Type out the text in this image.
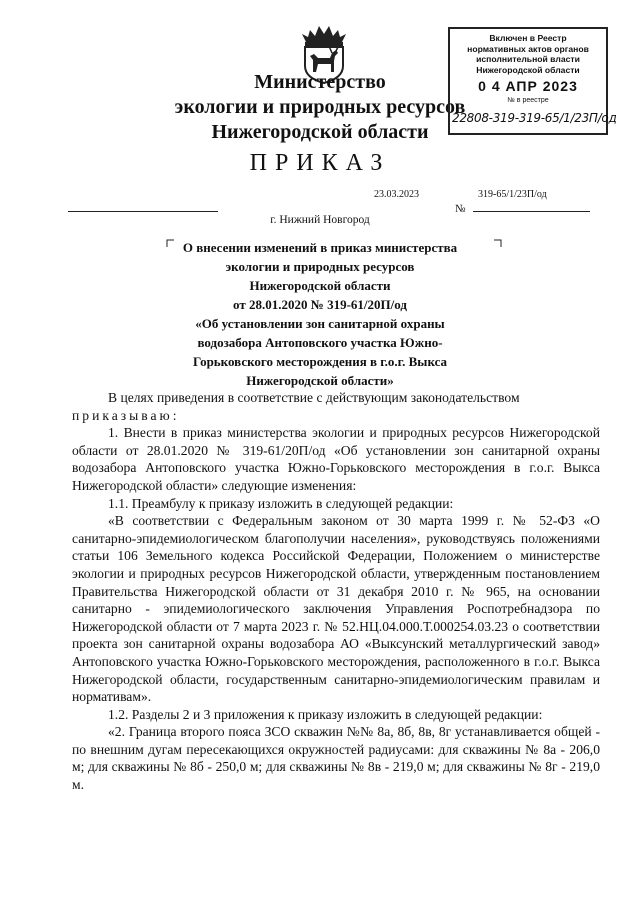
Министерство
экологии и природных ресурсов
Нижегородской области
Включен в Реестр
нормативных актов органов
исполнительной власти
Нижегородской области
0 4 АПР 2023
№ в реестре
22808-319-319-65/1/23П/од
ПРИКАЗ
23.03.2023	319-65/1/23П/од
№
г. Нижний Новгород
О внесении изменений в приказ министерства
экологии и природных ресурсов
Нижегородской области
от 28.01.2020 № 319-61/20П/од
«Об установлении зон санитарной охраны
водозабора Антоповского участка Южно-
Горьковского месторождения в г.о.г. Выкса
Нижегородской области»

В целях приведения в соответствие с действующим законодательством

приказываю:

1. Внести в приказ министерства экологии и природных ресурсов Нижегородской области от 28.01.2020 № 319-61/20П/од «Об установлении зон санитарной охраны водозабора Антоповского участка Южно-Горьковского месторождения в г.о.г. Выкса Нижегородской области» следующие изменения:

1.1. Преамбулу к приказу изложить в следующей редакции:

«В соответствии с Федеральным законом от 30 марта 1999 г. № 52-ФЗ «О санитарно-эпидемиологическом благополучии населения», руководствуясь положениями статьи 106 Земельного кодекса Российской Федерации, Положением о министерстве экологии и природных ресурсов Нижегородской области, утвержденным постановлением Правительства Нижегородской области от 31 декабря 2010 г. № 965, на основании санитарно - эпидемиологического заключения Управления Роспотребнадзора по Нижегородской области от 7 марта 2023 г. № 52.НЦ.04.000.Т.000254.03.23 о соответствии проекта зон санитарной охраны водозабора АО «Выксунский металлургический завод» Антоповского участка Южно-Горьковского месторождения, расположенного в г.о.г. Выкса Нижегородской области, государственным санитарно-эпидемиологическим правилам и нормативам».

1.2. Разделы 2 и 3 приложения к приказу изложить в следующей редакции:

«2. Граница второго пояса ЗСО скважин №№ 8а, 8б, 8в, 8г устанавливается общей - по внешним дугам пересекающихся окружностей радиусами: для скважины № 8а - 206,0 м; для скважины № 8б - 250,0 м; для скважины № 8в - 219,0 м; для скважины № 8г - 219,0 м.
